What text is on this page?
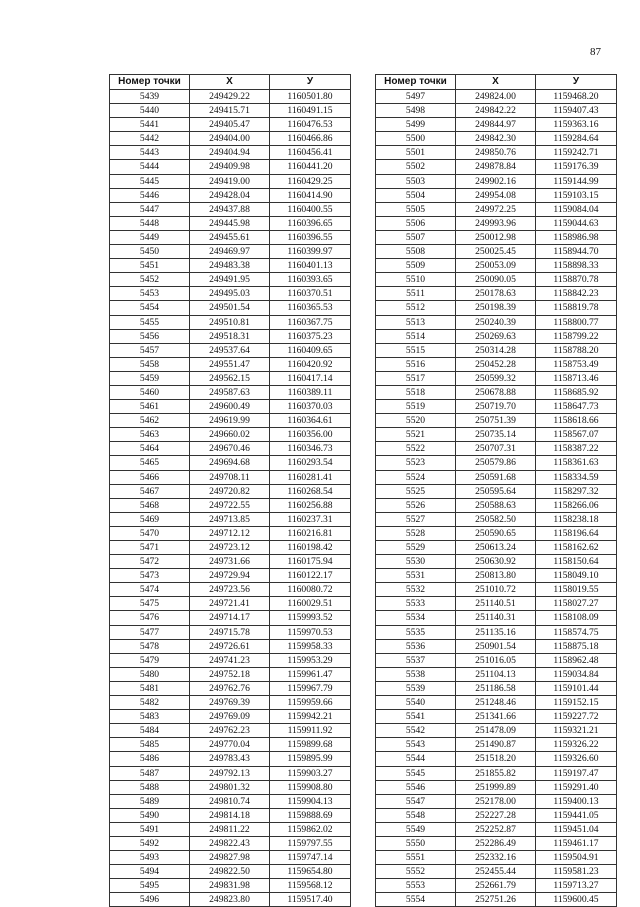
87
Номер точки	X	У
5439	249429.22	1160501.80
5440	249415.71	1160491.15
5441	249405.47	1160476.53
5442	249404.00	1160466.86
5443	249404.94	1160456.41
5444	249409.98	1160441.20
5445	249419.00	1160429.25
5446	249428.04	1160414.90
5447	249437.88	1160400.55
5448	249445.98	1160396.65
5449	249455.61	1160396.55
5450	249469.97	1160399.97
5451	249483.38	1160401.13
5452	249491.95	1160393.65
5453	249495.03	1160370.51
5454	249501.54	1160365.53
5455	249510.81	1160367.75
5456	249518.31	1160375.23
5457	249537.64	1160409.65
5458	249551.47	1160420.92
5459	249562.15	1160417.14
5460	249587.63	1160389.11
5461	249600.49	1160370.03
5462	249619.99	1160364.61
5463	249660.02	1160356.00
5464	249670.46	1160346.73
5465	249694.68	1160293.54
5466	249708.11	1160281.41
5467	249720.82	1160268.54
5468	249722.55	1160256.88
5469	249713.85	1160237.31
5470	249712.12	1160216.81
5471	249723.12	1160198.42
5472	249731.66	1160175.94
5473	249729.94	1160122.17
5474	249723.56	1160080.72
5475	249721.41	1160029.51
5476	249714.17	1159993.52
5477	249715.78	1159970.53
5478	249726.61	1159958.33
5479	249741.23	1159953.29
5480	249752.18	1159961.47
5481	249762.76	1159967.79
5482	249769.39	1159959.66
5483	249769.09	1159942.21
5484	249762.23	1159911.92
5485	249770.04	1159899.68
5486	249783.43	1159895.99
5487	249792.13	1159903.27
5488	249801.32	1159908.80
5489	249810.74	1159904.13
5490	249814.18	1159888.69
5491	249811.22	1159862.02
5492	249822.43	1159797.55
5493	249827.98	1159747.14
5494	249822.50	1159654.80
5495	249831.98	1159568.12
5496	249823.80	1159517.40
Номер точки	X	У
5497	249824.00	1159468.20
5498	249842.22	1159407.43
5499	249844.97	1159363.16
5500	249842.30	1159284.64
5501	249850.76	1159242.71
5502	249878.84	1159176.39
5503	249902.16	1159144.99
5504	249954.08	1159103.15
5505	249972.25	1159084.04
5506	249993.96	1159044.63
5507	250012.98	1158986.98
5508	250025.45	1158944.70
5509	250053.09	1158898.33
5510	250090.05	1158870.78
5511	250178.63	1158842.23
5512	250198.39	1158819.78
5513	250240.39	1158800.77
5514	250269.63	1158799.22
5515	250314.28	1158788.20
5516	250452.28	1158753.49
5517	250599.32	1158713.46
5518	250678.88	1158685.92
5519	250719.70	1158647.73
5520	250751.39	1158618.66
5521	250735.14	1158567.07
5522	250707.31	1158387.22
5523	250579.86	1158361.63
5524	250591.68	1158334.59
5525	250595.64	1158297.32
5526	250588.63	1158266.06
5527	250582.50	1158238.18
5528	250590.65	1158196.64
5529	250613.24	1158162.62
5530	250630.92	1158150.64
5531	250813.80	1158049.10
5532	251010.72	1158019.55
5533	251140.51	1158027.27
5534	251140.31	1158108.09
5535	251135.16	1158574.75
5536	250901.54	1158875.18
5537	251016.05	1158962.48
5538	251104.13	1159034.84
5539	251186.58	1159101.44
5540	251248.46	1159152.15
5541	251341.66	1159227.72
5542	251478.09	1159321.21
5543	251490.87	1159326.22
5544	251518.20	1159326.60
5545	251855.82	1159197.47
5546	251999.89	1159291.40
5547	252178.00	1159400.13
5548	252227.28	1159441.05
5549	252252.87	1159451.04
5550	252286.49	1159461.17
5551	252332.16	1159504.91
5552	252455.44	1159581.23
5553	252661.79	1159713.27
5554	252751.26	1159600.45
